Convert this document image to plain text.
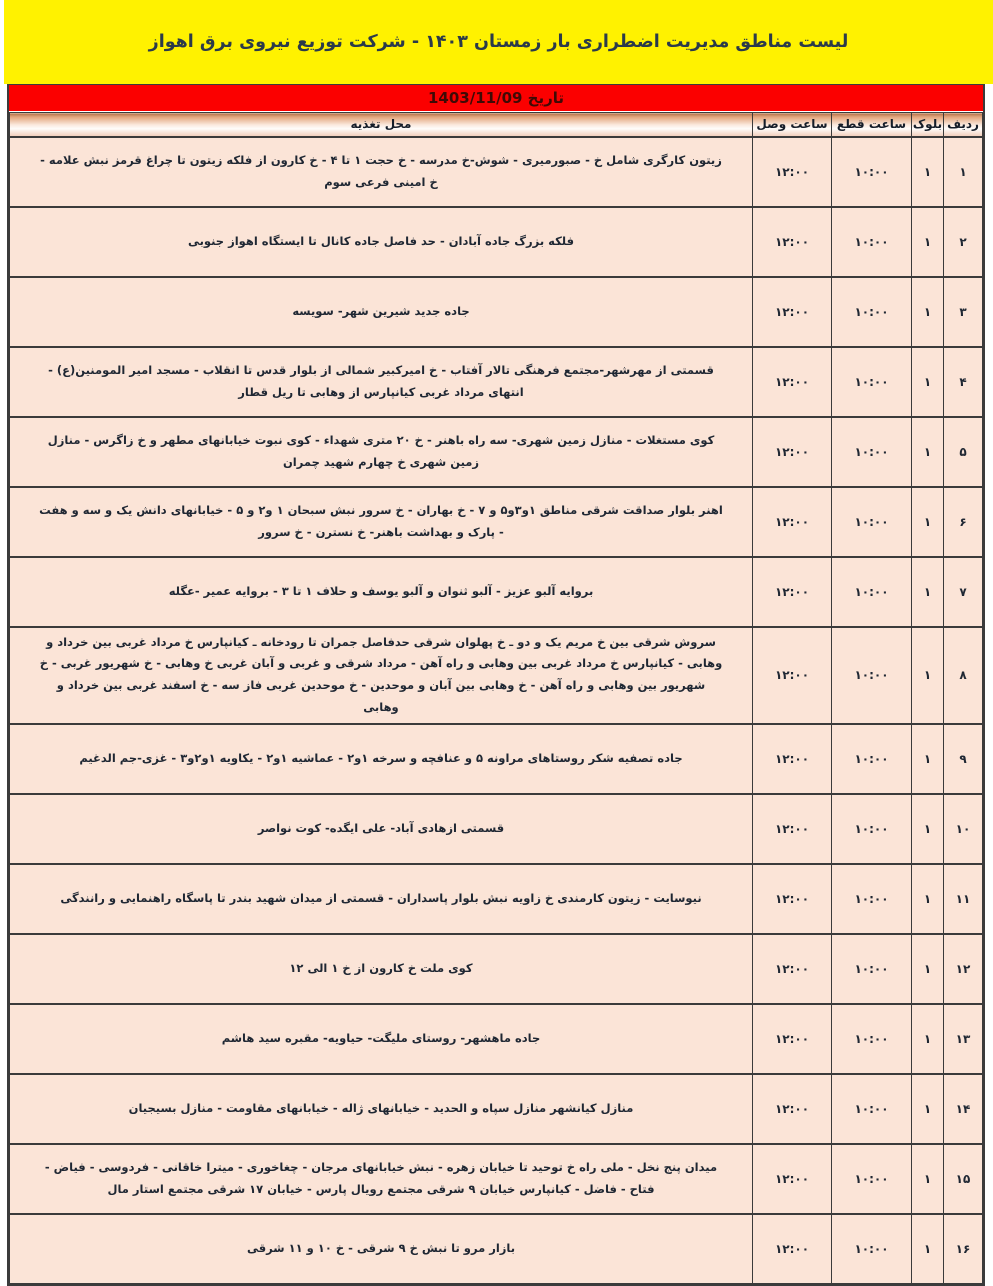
لیست مناطق مدیریت اضطراری بار زمستان ۱۴۰۳ - شرکت توزیع نیروی برق اهواز
تاریخ 1403/11/09
ردیف	بلوک	ساعت قطع	ساعت وصل	محل تغذیه
۱	۱	۱۰:۰۰	۱۲:۰۰	زیتون کارگری شامل خ - صبورمیری - شوش-خ مدرسه - خ حجت ۱ تا ۴ - خ کارون از فلکه زیتون تا چراغ قرمز نبش علامه - خ امینی فرعی سوم
۲	۱	۱۰:۰۰	۱۲:۰۰	فلکه بزرگ جاده آبادان - حد فاصل جاده کانال تا ایستگاه اهواز جنوبی
۳	۱	۱۰:۰۰	۱۲:۰۰	جاده جدید شیرین شهر- سویسه
۴	۱	۱۰:۰۰	۱۲:۰۰	قسمتی از مهرشهر-مجتمع فرهنگی تالار آفتاب - خ امیرکبیر شمالی از بلوار قدس تا انقلاب - مسجد امیر المومنین(ع) - انتهای مرداد غربی کیانپارس از وهابی تا ریل قطار
۵	۱	۱۰:۰۰	۱۲:۰۰	کوی مستغلات - منازل زمین شهری- سه راه باهنر - خ ۲۰ متری شهداء - کوی نبوت خیابانهای مطهر و خ زاگرس - منازل زمین شهری خ چهارم شهید چمران
۶	۱	۱۰:۰۰	۱۲:۰۰	اهنر بلوار صداقت شرقی مناطق ۱و۳و۵ و ۷ - خ بهاران - خ سرور نبش سبحان ۱ و۲ و ۵ - خیابانهای دانش یک و سه و هفت - پارک و بهداشت باهنر- خ نسترن - خ سرور
۷	۱	۱۰:۰۰	۱۲:۰۰	بروایه آلبو عزیز - آلبو ثنوان و آلبو یوسف و حلاف ۱ تا ۳ - بروایه عمیر -عگله
۸	۱	۱۰:۰۰	۱۲:۰۰	سروش شرقی بین خ مریم یک و دو ـ خ پهلوان شرقی حدفاصل جمران تا رودخانه ـ کیانپارس خ مرداد غربی بین خرداد و وهابی - کیانپارس خ مرداد غربی بین وهابی و راه آهن - مرداد شرقی و غربی و آبان غربی خ وهابی - خ شهریور غربی - خ شهریور بین وهابی و راه آهن - خ وهابی بین آبان و موحدین - خ موحدین غربی فاز سه - خ اسفند غربی بین خرداد و وهابی
۹	۱	۱۰:۰۰	۱۲:۰۰	جاده تصفیه شکر روستاهای مراونه ۵ و عنافچه و سرخه ۱و۲ - عماشیه ۱و۲ - یکاویه ۱و۲و۳ - غزی-جم الدغیم
۱۰	۱	۱۰:۰۰	۱۲:۰۰	قسمتی ازهادی آباد- علی ایگده- کوت نواصر
۱۱	۱	۱۰:۰۰	۱۲:۰۰	نیوسایت - زیتون کارمندی خ زاویه نبش بلوار پاسداران - قسمتی از میدان شهید بندر تا پاسگاه راهنمایی و رانندگی
۱۲	۱	۱۰:۰۰	۱۲:۰۰	کوی ملت خ کارون از خ ۱ الی ۱۲
۱۳	۱	۱۰:۰۰	۱۲:۰۰	جاده ماهشهر- روستای ملیگت- حیاویه- مقبره سید هاشم
۱۴	۱	۱۰:۰۰	۱۲:۰۰	منازل کیانشهر منازل سپاه و الحدید - خیابانهای ژاله - خیابانهای مقاومت - منازل بسیجیان
۱۵	۱	۱۰:۰۰	۱۲:۰۰	میدان پنج نخل - ملی راه خ توحید تا خیابان زهره - نبش خیابانهای مرجان - چغاخوری - میترا خاقانی - فردوسی - فیاض - فتاح - فاضل - کیانپارس خیابان ۹ شرقی مجتمع رویال پارس - خیابان ۱۷ شرقی مجتمع استار مال
۱۶	۱	۱۰:۰۰	۱۲:۰۰	بازار مرو تا نبش خ ۹ شرقی - خ ۱۰ و ۱۱ شرقی
